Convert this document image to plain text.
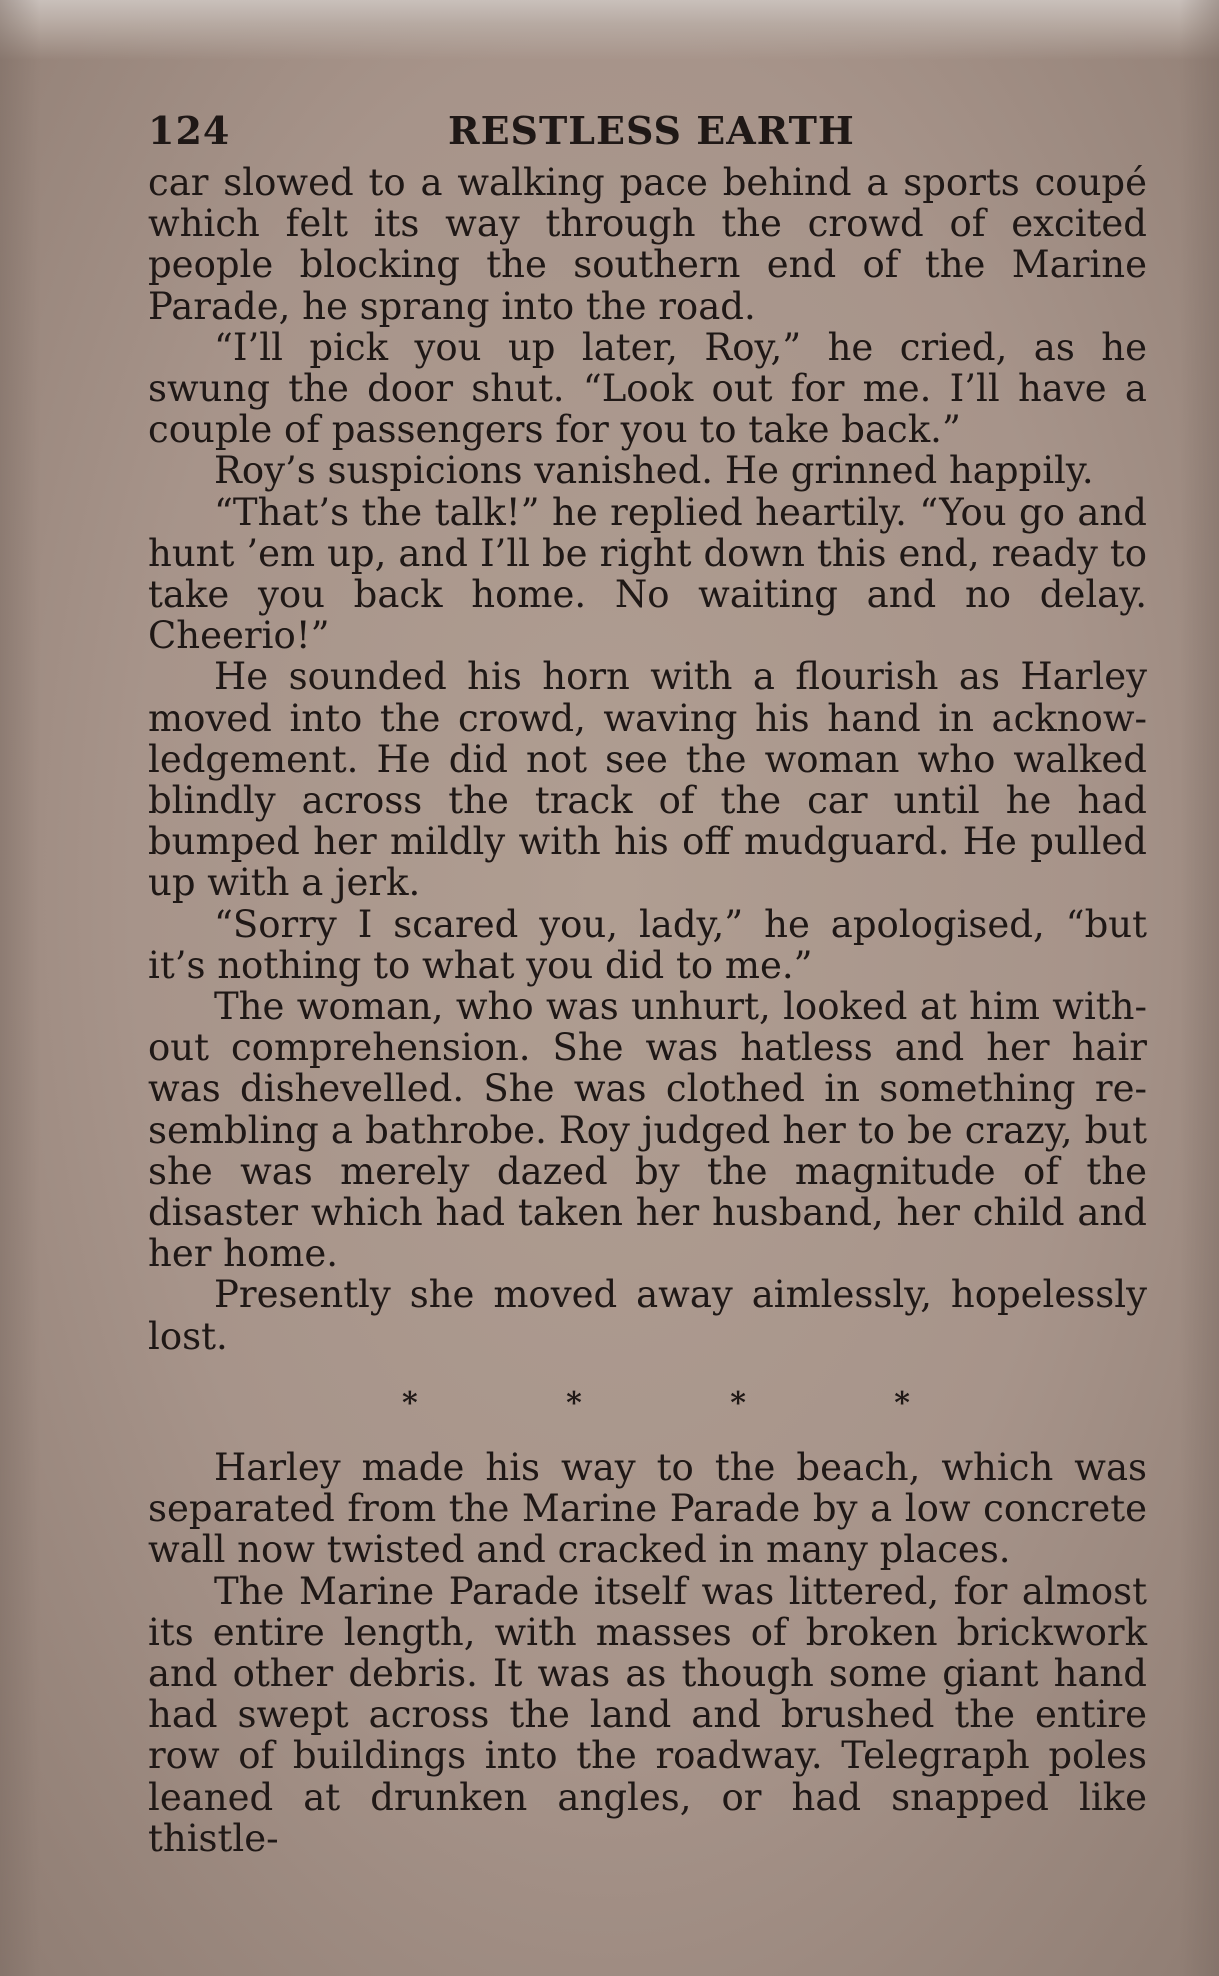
124	RESTLESS EARTH

car slowed to a walking pace behind a sports coupé which felt its way through the crowd of excited people blocking the southern end of the Marine Parade, he sprang into the road.

“I’ll pick you up later, Roy,” he cried, as he swung the door shut. “Look out for me. I’ll have a couple of passengers for you to take back.”

Roy’s suspicions vanished. He grinned happily.

“That’s the talk!” he replied heartily. “You go and hunt ’em up, and I’ll be right down this end, ready to take you back home. No waiting and no delay. Cheerio!”

He sounded his horn with a flourish as Harley moved into the crowd, waving his hand in acknow-ledgement. He did not see the woman who walked blindly across the track of the car until he had bumped her mildly with his off mudguard. He pulled up with a jerk.

“Sorry I scared you, lady,” he apologised, “but it’s nothing to what you did to me.”

The woman, who was unhurt, looked at him with-out comprehension. She was hatless and her hair was dishevelled. She was clothed in something re-sembling a bathrobe. Roy judged her to be crazy, but she was merely dazed by the magnitude of the disaster which had taken her husband, her child and her home.

Presently she moved away aimlessly, hopelessly lost.

*	*	*	*

Harley made his way to the beach, which was separated from the Marine Parade by a low concrete wall now twisted and cracked in many places.

The Marine Parade itself was littered, for almost its entire length, with masses of broken brickwork and other debris. It was as though some giant hand had swept across the land and brushed the entire row of buildings into the roadway. Telegraph poles leaned at drunken angles, or had snapped like thistle-
